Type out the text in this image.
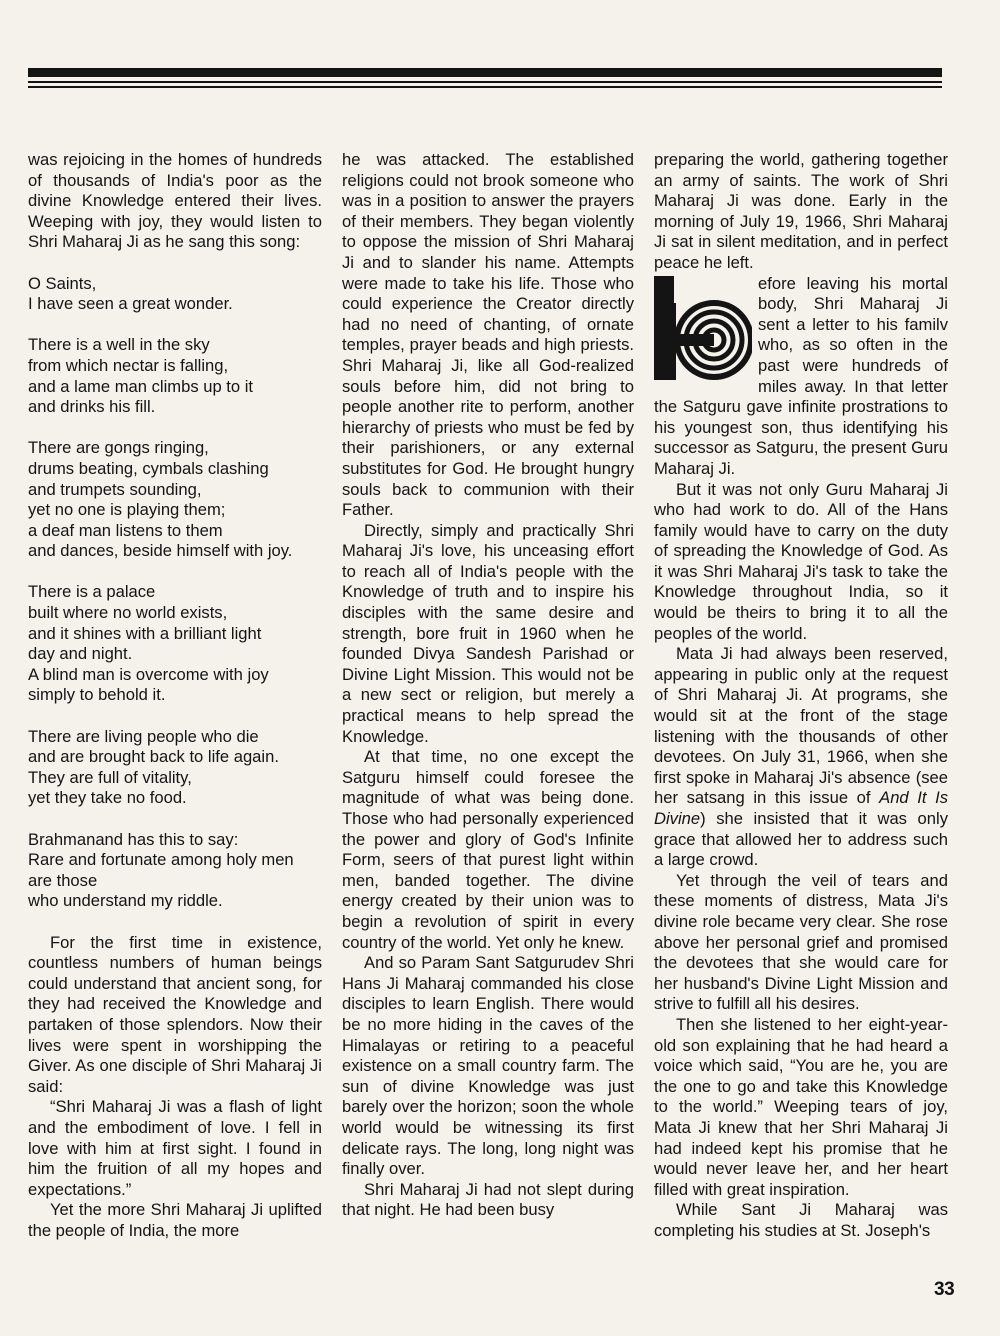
was rejoicing in the homes of hundreds of thousands of India's poor as the divine Knowledge entered their lives. Weeping with joy, they would listen to Shri Maharaj Ji as he sang this song:

O Saints,
I have seen a great wonder.
There is a well in the sky
from which nectar is falling,
and a lame man climbs up to it
and drinks his fill.
There are gongs ringing,
drums beating, cymbals clashing
and trumpets sounding,
yet no one is playing them;
a deaf man listens to them
and dances, beside himself with joy.
There is a palace
built where no world exists,
and it shines with a brilliant light
day and night.
A blind man is overcome with joy
simply to behold it.
There are living people who die
and are brought back to life again.
They are full of vitality,
yet they take no food.
Brahmanand has this to say:
Rare and fortunate among holy men
are those
who understand my riddle.

For the first time in existence, countless numbers of human beings could understand that ancient song, for they had received the Knowledge and partaken of those splendors. Now their lives were spent in worshipping the Giver. As one disciple of Shri Maharaj Ji said:

“Shri Maharaj Ji was a flash of light and the embodiment of love. I fell in love with him at first sight. I found in him the fruition of all my hopes and expectations.”

Yet the more Shri Maharaj Ji uplifted the people of India, the more

he was attacked. The established religions could not brook someone who was in a position to answer the prayers of their members. They began violently to oppose the mission of Shri Maharaj Ji and to slander his name. Attempts were made to take his life. Those who could experience the Creator directly had no need of chanting, of ornate temples, prayer beads and high priests. Shri Maharaj Ji, like all God-realized souls before him, did not bring to people another rite to perform, another hierarchy of priests who must be fed by their parishioners, or any external substitutes for God. He brought hungry souls back to communion with their Father.

Directly, simply and practically Shri Maharaj Ji's love, his unceasing effort to reach all of India's people with the Knowledge of truth and to inspire his disciples with the same desire and strength, bore fruit in 1960 when he founded Divya Sandesh Parishad or Divine Light Mission. This would not be a new sect or religion, but merely a practical means to help spread the Knowledge.

At that time, no one except the Satguru himself could foresee the magnitude of what was being done. Those who had personally experienced the power and glory of God's Infinite Form, seers of that purest light within men, banded together. The divine energy created by their union was to begin a revolution of spirit in every country of the world. Yet only he knew.

And so Param Sant Satgurudev Shri Hans Ji Maharaj commanded his close disciples to learn English. There would be no more hiding in the caves of the Himalayas or retiring to a peaceful existence on a small country farm. The sun of divine Knowledge was just barely over the horizon; soon the whole world would be witnessing its first delicate rays. The long, long night was finally over.

Shri Maharaj Ji had not slept during that night. He had been busy

preparing the world, gathering together an army of saints. The work of Shri Maharaj Ji was done. Early in the morning of July 19, 1966, Shri Maharaj Ji sat in silent meditation, and in perfect peace he left.

efore leaving his mortal body, Shri Maharaj Ji sent a letter to his familv who, as so often in the past were hundreds of miles away. In that letter the Satguru gave infinite prostrations to his youngest son, thus identifying his successor as Satguru, the present Guru Maharaj Ji.

But it was not only Guru Maharaj Ji who had work to do. All of the Hans family would have to carry on the duty of spreading the Knowledge of God. As it was Shri Maharaj Ji's task to take the Knowledge throughout India, so it would be theirs to bring it to all the peoples of the world.

Mata Ji had always been reserved, appearing in public only at the request of Shri Maharaj Ji. At programs, she would sit at the front of the stage listening with the thousands of other devotees. On July 31, 1966, when she first spoke in Maharaj Ji's absence (see her satsang in this issue of And It Is Divine) she insisted that it was only grace that allowed her to address such a large crowd.

Yet through the veil of tears and these moments of distress, Mata Ji's divine role became very clear. She rose above her personal grief and promised the devotees that she would care for her husband's Divine Light Mission and strive to fulfill all his desires.

Then she listened to her eight-year-old son explaining that he had heard a voice which said, “You are he, you are the one to go and take this Knowledge to the world.” Weeping tears of joy, Mata Ji knew that her Shri Maharaj Ji had indeed kept his promise that he would never leave her, and her heart filled with great inspiration.

While Sant Ji Maharaj was completing his studies at St. Joseph's

33
